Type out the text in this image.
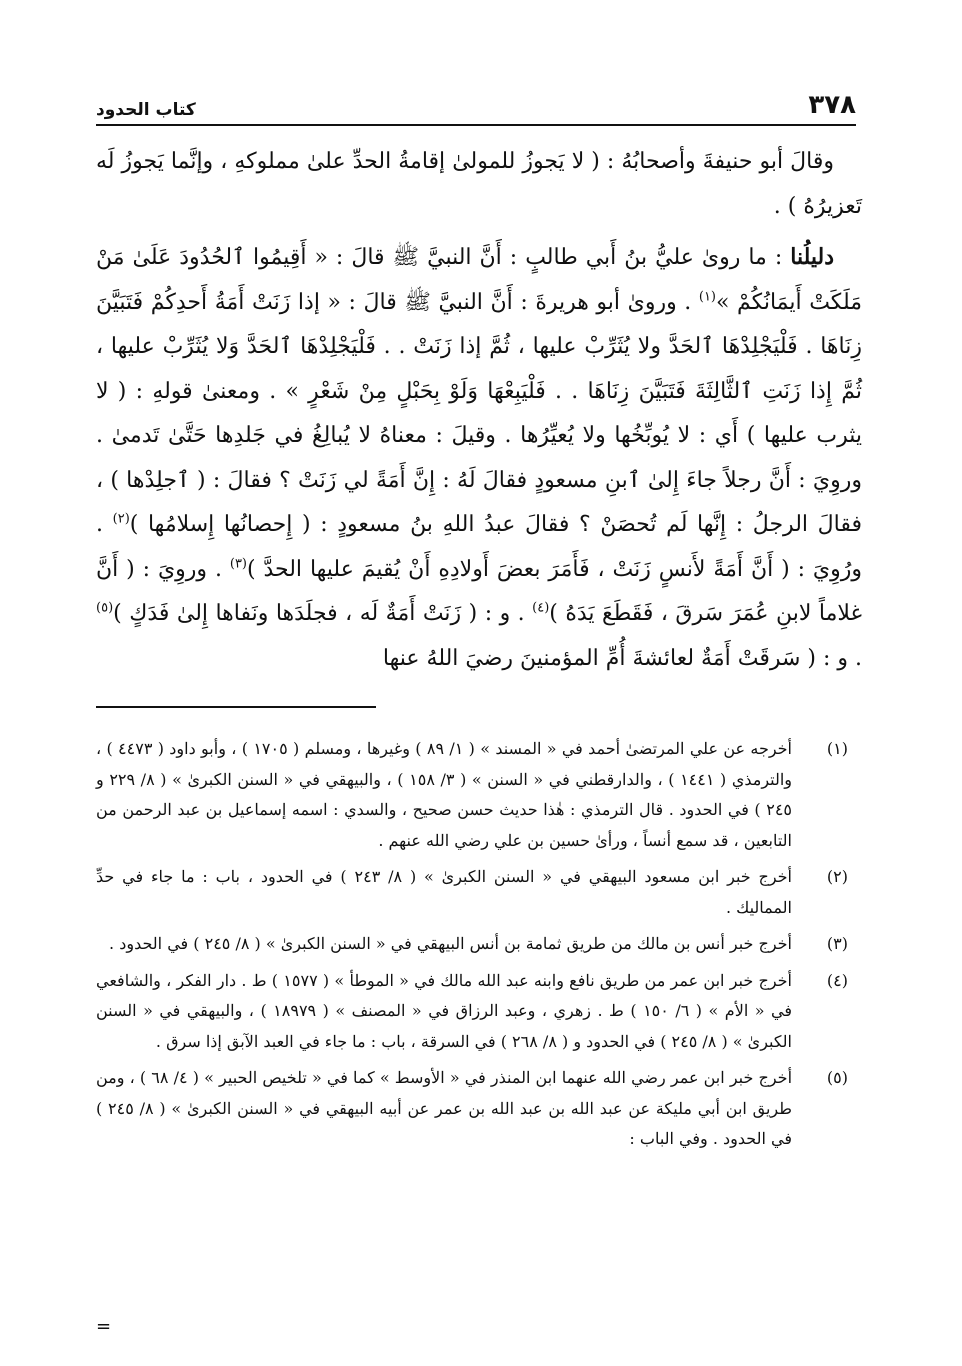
٣٧٨
كتاب الحدود

وقالَ أبو حنيفةَ وأصحابُهُ : ( لا يَجوزُ للمولىٰ إقامةُ الحدِّ علىٰ مملوكهِ ، وإنَّما يَجوزُ لَه تَعزيرُهُ ) .

دليلُنا : ما روىٰ عليُّ بنُ أَبي طالبٍ : أَنَّ النبيَّ ﷺ قالَ : « أَقِيمُوا ٱلحُدُودَ عَلَىٰ مَنْ مَلَكَتْ أَيمَانُكُمْ »$^{(١)}$ . وروىٰ أبو هريرةَ : أَنَّ النبيَّ ﷺ قالَ : « إذا زَنَتْ أَمَةُ أَحدِكُمْ فَتَبَيَّنَ زِنَاهَا . فَلْيَجْلِدْهَا ٱلحَدَّ ولا يُثَرِّبْ عليها ، ثُمَّ إذا زَنَتْ . . فَلْيَجْلِدْهَا ٱلحَدَّ وَلا يُثَرِّبْ عليها ، ثُمَّ إِذا زَنَتِ ٱلثَّالِثَةَ فَتَبَيَّنَ زِنَاهَا . . فَلْيَبِعْهَا وَلَوْ بِحَبْلٍ مِنْ شَعْرٍ » . ومعنىٰ قولهِ : ( لا يثرب عليها ) أَي : لا يُوبِّخُها ولا يُعيِّرُها . وقيلَ : معناهُ لا يُبالِغُ في جَلدِها حَتَّىٰ تَدمىٰ . وروِيَ : أَنَّ رجلاً جاءَ إِلىٰ ٱبنِ مسعودٍ فقالَ لَهُ : إِنَّ أَمَةً لي زَنَتْ ؟ فقالَ : ( ٱجلِدْها ) ، فقالَ الرجلُ : إِنَّها لَم تُحصَنْ ؟ فقالَ عبدُ اللهِ بنُ مسعودٍ : ( إِحصانُها إِسلامُها )$^{(٢)}$ . ورُوِيَ : ( أَنَّ أَمَةً لأَنسٍ زَنَتْ ، فَأَمَرَ بعضَ أَولادِهِ أَنْ يُقيمَ عليها الحدَّ )$^{(٣)}$ . وروِيَ : ( أَنَّ غلاماً لابنِ عُمَرَ سَرقَ ، فَقَطَعَ يَدَهُ )$^{(٤)}$ . و : ( زَنَتْ أَمَةٌ لَه ، فجلَدَها ونَفاها إِلىٰ فَدَكٍ )$^{(٥)}$ . و : ( سَرقَتْ أَمَةٌ لعائشةَ أُمِّ المؤمنينَ رضيَ اللهُ عنها

(١)
أخرجه عن علي المرتضىٰ أحمد في « المسند » ( ١/ ٨٩ ) وغيرها ، ومسلم ( ١٧٠٥ ) ، وأبو داود ( ٤٤٧٣ ) ، والترمذي ( ١٤٤١ ) ، والدارقطني في « السنن » ( ٣/ ١٥٨ ) ، والبيهقي في « السنن الكبرىٰ » ( ٨/ ٢٢٩ و ٢٤٥ ) في الحدود . قال الترمذي : هٰذا حديث حسن صحيح ، والسدي : اسمه إسماعيل بن عبد الرحمن من التابعين ، قد سمع أنساً ، ورأىٰ حسين بن علي رضي الله عنهم .
(٢)
أخرج خبر ابن مسعود البيهقي في « السنن الكبرىٰ » ( ٨/ ٢٤٣ ) في الحدود ، باب : ما جاء في حدِّ المماليك .
(٣)
أخرج خبر أنس بن مالك من طريق ثمامة بن أنس البيهقي في « السنن الكبرىٰ » ( ٨/ ٢٤٥ ) في الحدود .
(٤)
أخرج خبر ابن عمر من طريق نافع وابنه عبد الله مالك في « الموطأ » ( ١٥٧٧ ) ط . دار الفكر ، والشافعي في « الأم » ( ٦/ ١٥٠ ) ط . زهري ، وعبد الرزاق في « المصنف » ( ١٨٩٧٩ ) ، والبيهقي في « السنن الكبرىٰ » ( ٨/ ٢٤٥ ) في الحدود و ( ٨/ ٢٦٨ ) في السرقة ، باب : ما جاء في العبد الآبق إذا سرق .
(٥)
أخرج خبر ابن عمر رضي الله عنهما ابن المنذر في « الأوسط » كما في « تلخيص الحبير » ( ٤/ ٦٨ ) ، ومن طريق ابن أبي مليكة عن عبد الله بن عبد الله بن عمر عن أبيه البيهقي في « السنن الكبرىٰ » ( ٨/ ٢٤٥ ) في الحدود . وفي الباب :
=
